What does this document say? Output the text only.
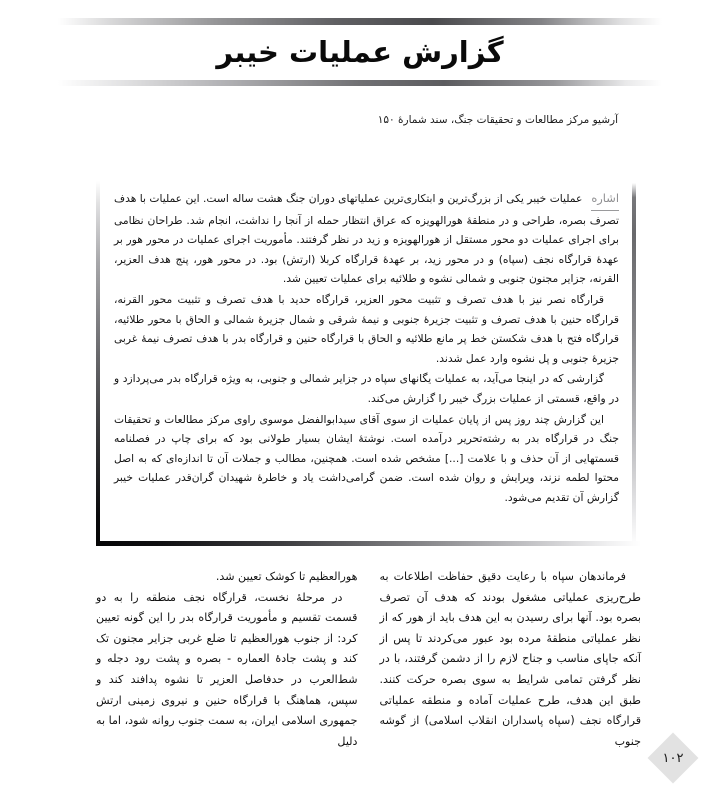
گزارش عملیات خیبر
آرشیو مرکز مطالعات و تحقیقات جنگ، سند شمارهٔ ۱۵۰

اشارهعملیات خیبر یکی از بزرگ‌ترین و ابتکاری‌ترین عملیاتهای دوران جنگ هشت ساله است. این عملیات با هدف تصرف بصره، طراحی و در منطقهٔ هورالهویزه که عراق انتظار حمله از آنجا را نداشت، انجام شد. طراحان نظامی برای اجرای عملیات دو محور مستقل از هورالهویزه و زید در نظر گرفتند. مأموریت اجرای عملیات در محور هور بر عهدهٔ قرارگاه نجف (سپاه) و در محور زید، بر عهدهٔ قرارگاه کربلا (ارتش) بود. در محور هور، پنج هدف العزیر، القرنه، جزایر مجنون جنوبی و شمالی نشوه و طلائیه برای عملیات تعیین شد.

قرارگاه نصر نیز با هدف تصرف و تثبیت محور العزیر، قرارگاه حدید با هدف تصرف و تثبیت محور القرنه، قرارگاه حنین با هدف تصرف و تثبیت جزیرهٔ جنوبی و نیمهٔ شرقی و شمال جزیرهٔ شمالی و الحاق با محور طلائیه، قرارگاه فتح با هدف شکستن خط پر مانع طلائیه و الحاق با قرارگاه حنین و قرارگاه بدر با هدف تصرف نیمهٔ غربی جزیرهٔ جنوبی و پل نشوه وارد عمل شدند.

گزارشی که در اینجا می‌آید، به عملیات یگانهای سپاه در جزایر شمالی و جنوبی، به ویژه قرارگاه بدر می‌پردازد و در واقع، قسمتی از عملیات بزرگ خیبر را گزارش می‌کند.

این گزارش چند روز پس از پایان عملیات از سوی آقای سیدابوالفضل موسوی راوی مرکز مطالعات و تحقیقات جنگ در قرارگاه بدر به رشته‌تحریر درآمده است. نوشتهٔ ایشان بسیار طولانی بود که برای چاپ در فصلنامه قسمتهایی از آن حذف و با علامت [...] مشخص شده است. همچنین، مطالب و جملات آن تا اندازه‌ای که به اصل محتوا لطمه نزند، ویرایش و روان شده است. ضمن گرامی‌داشت یاد و خاطرهٔ شهیدان گران‌قدر عملیات خیبر گزارش آن تقدیم می‌شود.

فرماندهان سپاه با رعایت دقیق حفاظت اطلاعات به طرح‌ریزی عملیاتی مشغول بودند که هدف آن تصرف بصره بود. آنها برای رسیدن به این هدف باید از هور که از نظر عملیاتی منطقهٔ مرده بود عبور می‌کردند تا پس از آنکه جاپای مناسب و جناح لازم را از دشمن گرفتند، با در نظر گرفتن تمامی شرایط به سوی بصره حرکت کنند. طبق این هدف، طرح عملیات آماده و منطقه عملیاتی قرارگاه نجف (سپاه پاسداران انقلاب اسلامی) از گوشه جنوب

هورالعظیم تا کوشک تعیین شد.

در مرحلهٔ نخست، قرارگاه نجف منطقه را به دو قسمت تقسیم و مأموریت قرارگاه بدر را این گونه تعیین کرد: از جنوب هورالعظیم تا ضلع غربی جزایر مجنون تک کند و پشت جادهٔ العماره - بصره و پشت رود دجله و شط‌العرب در حدفاصل العزیر تا نشوه پدافند کند و سپس، هماهنگ با قرارگاه حنین و نیروی زمینی ارتش جمهوری اسلامی ایران، به سمت جنوب روانه شود، اما به دلیل

۱۰۲
